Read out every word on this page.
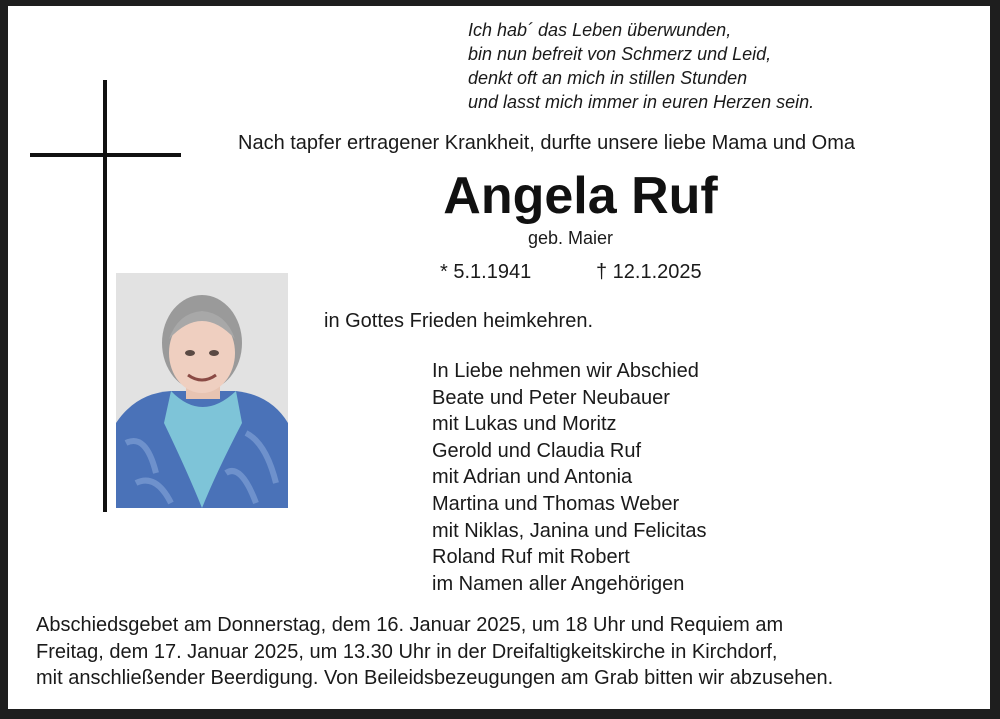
Ich hab´ das Leben überwunden,
bin nun befreit von Schmerz und Leid,
denkt oft an mich in stillen Stunden
und lasst mich immer in euren Herzen sein.
Nach tapfer ertragener Krankheit, durfte unsere liebe Mama und Oma
Angela Ruf
geb. Maier
* 5.1.1941	† 12.1.2025
in Gottes Frieden heimkehren.
In Liebe nehmen wir Abschied
Beate und Peter Neubauer
mit Lukas und Moritz
Gerold und Claudia Ruf
mit Adrian und Antonia
Martina und Thomas Weber
mit Niklas, Janina und Felicitas
Roland Ruf mit Robert
im Namen aller Angehörigen
Abschiedsgebet am Donnerstag, dem 16. Januar 2025, um 18 Uhr und Requiem am
Freitag, dem 17. Januar 2025, um 13.30 Uhr in der Dreifaltigkeitskirche in Kirchdorf,
mit anschließender Beerdigung. Von Beileidsbezeugungen am Grab bitten wir abzusehen.
